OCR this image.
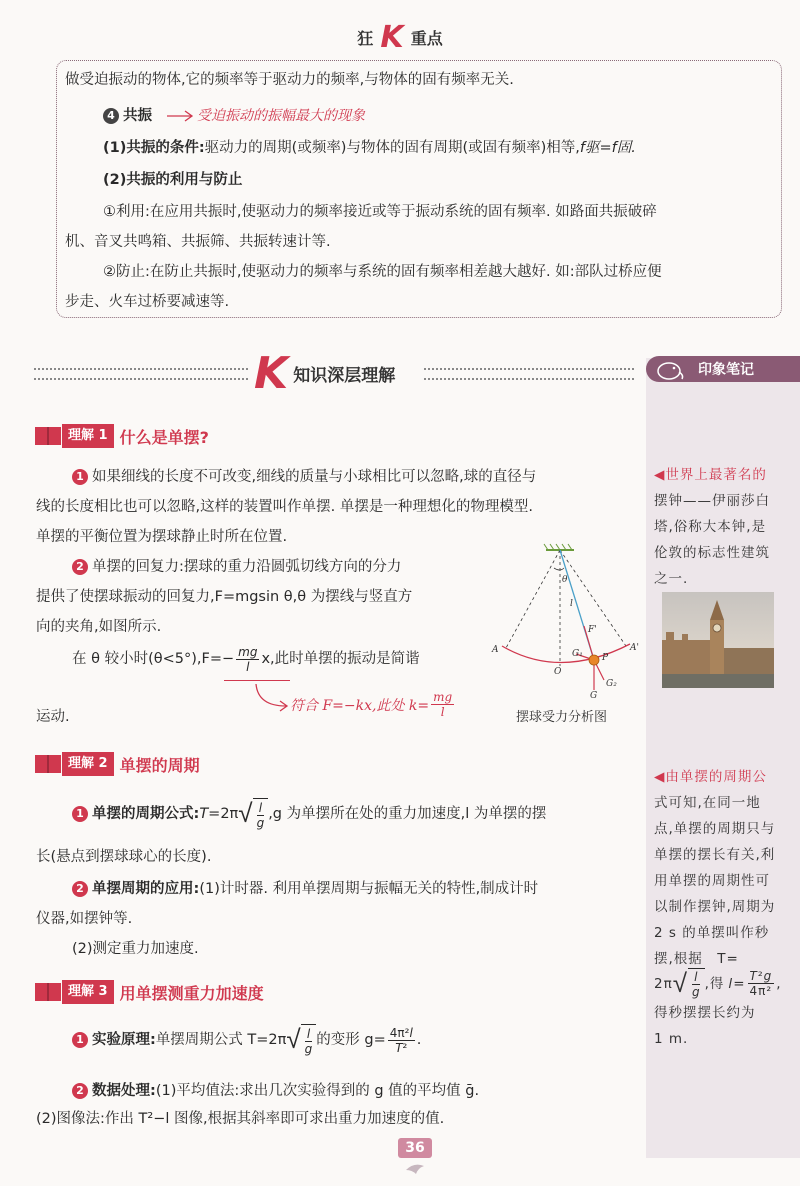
狂 K 重点
做受迫振动的物体,它的频率等于驱动力的频率,与物体的固有频率无关.
4 共振	受迫振动的振幅最大的现象
(1)共振的条件:驱动力的周期(或频率)与物体的固有周期(或固有频率)相等,f驱=f固.
(2)共振的利用与防止
①利用:在应用共振时,使驱动力的频率接近或等于振动系统的固有频率. 如路面共振破碎
机、音叉共鸣箱、共振筛、共振转速计等.
②防止:在防止共振时,使驱动力的频率与系统的固有频率相差越大越好. 如:部队过桥应便
步走、火车过桥要减速等.
K 知识深层理解	印象笔记
◀世界上最著名的
摆钟——伊丽莎白
塔,俗称大本钟,是
伦敦的标志性建筑
之一.
◀由单摆的周期公
式可知,在同一地
点,单摆的周期只与
单摆的摆长有关,利
用单摆的周期性可
以制作摆钟,周期为
2 s 的单摆叫作秒
摆,根据　T=
2π √ $\frac{l}{g}$ ,得 $l = \frac{\text{T²g}}{\text{4π²}}$ ,
得秒摆摆长约为
1 m.
理解 1 什么是单摆?
1 如果细线的长度不可改变,细线的质量与小球相比可以忽略,球的直径与
线的长度相比也可以忽略,这样的装置叫作单摆. 单摆是一种理想化的物理模型.
单摆的平衡位置为摆球静止时所在位置.
2 单摆的回复力:摆球的重力沿圆弧切线方向的分力
提供了使摆球振动的回复力,F=mgsin θ,θ 为摆线与竖直方
向的夹角,如图所示.
在 θ 较小时$(\theta<5^\circ),F=- \frac{mg}{l} x$,此时单摆的振动是简谐
符合 F=−kx,此处 $k= \frac{mg}{l}$
运动.
θ
l
F'
G₁ P
A'
A
O
G₂
G
摆球受力分析图
理解 2 单摆的周期
1 单摆的周期公式: T =2π √ $\frac{l}{g} ,g$ 为单摆所在处的重力加速度,l 为单摆的摆
长(悬点到摆球球心的长度).
2 单摆周期的应用:(1)计时器. 利用单摆周期与振幅无关的特性,制成计时
仪器,如摆钟等.
(2)测定重力加速度.
理解 3 用单摆测重力加速度
1 实验原理: 单摆周期公式 T=2π √ $\frac{l}{g}$ 的变形 $g= \frac{\text{4π²l}}{\text{T²}}$ .
2 数据处理:(1)平均值法:求出几次实验得到的 g 值的平均值 ḡ.
(2)图像法:作出 T²−l 图像,根据其斜率即可求出重力加速度的值.
36
